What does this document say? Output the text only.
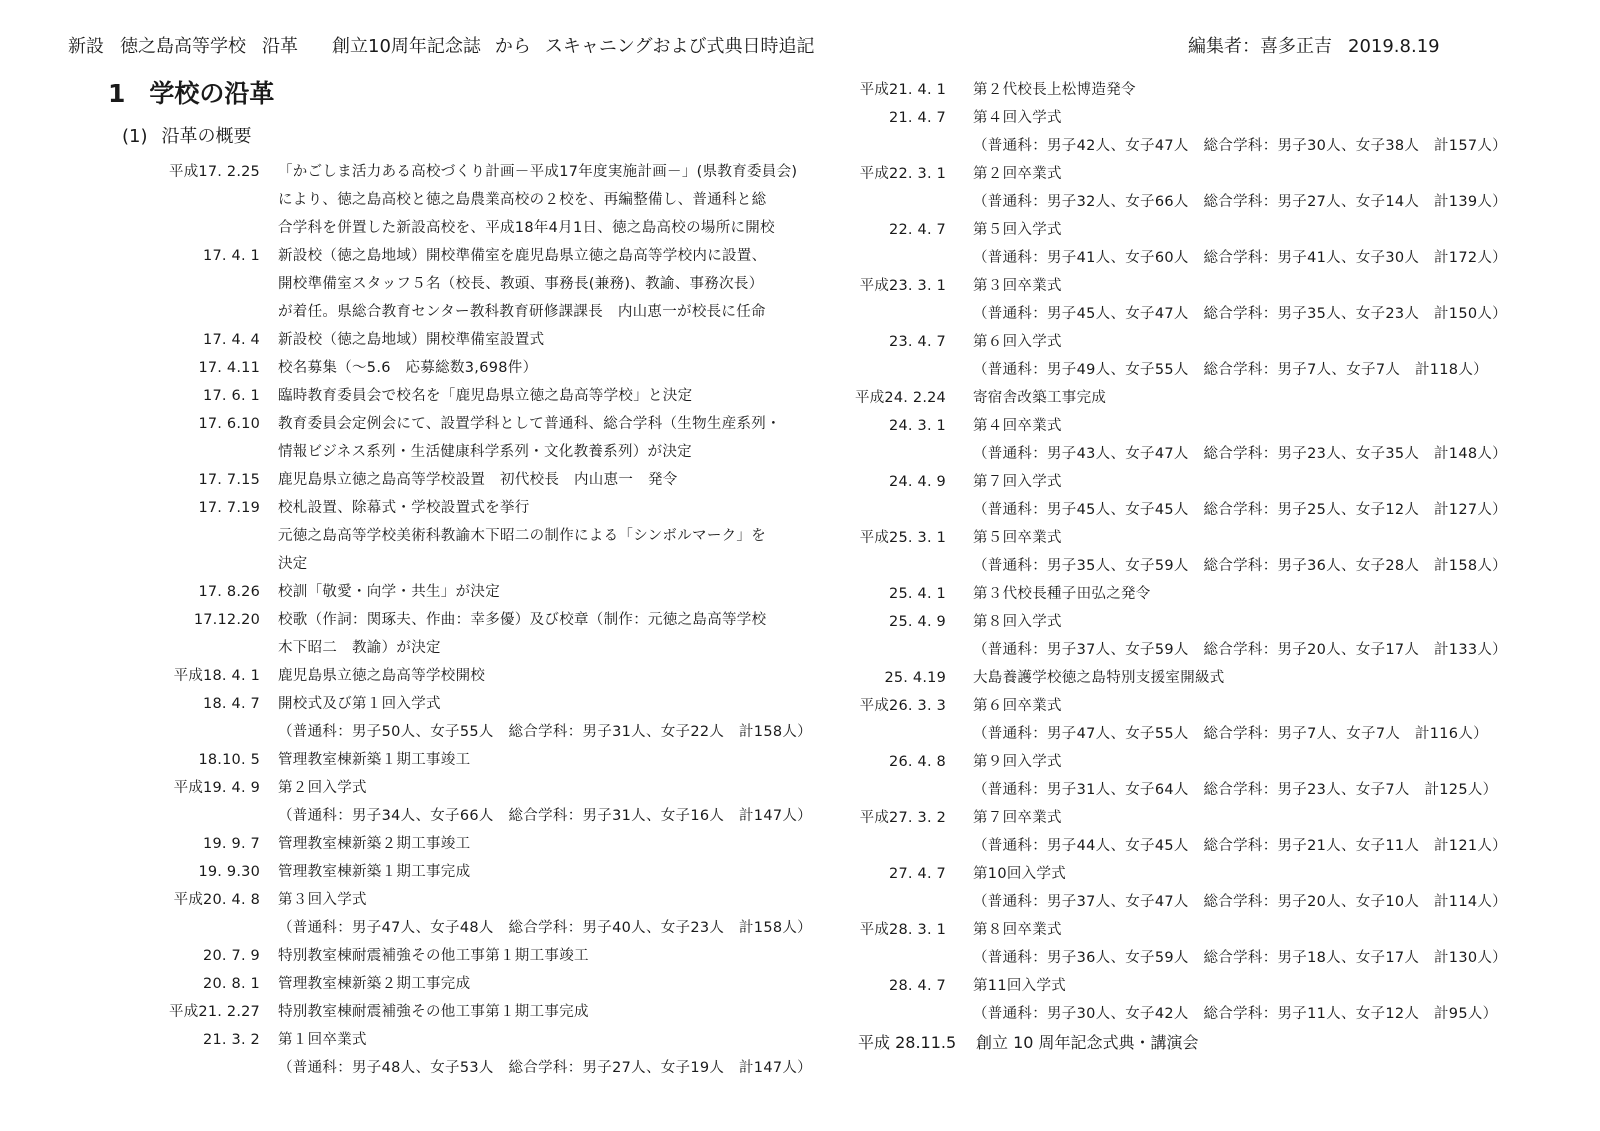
新設 徳之島高等学校 沿革 創立10周年記念誌 から スキャニングおよび式典日時追記	編集者：喜多正吉 2019.8.19
1 学校の沿革
(1) 沿革の概要
平成17. 2.25 「かごしま活力ある高校づくり計画－平成17年度実施計画－」(県教育委員会)
により、徳之島高校と徳之島農業高校の２校を、再編整備し、普通科と総
合学科を併置した新設高校を、平成18年4月1日、徳之島高校の場所に開校
17. 4. 1 新設校（徳之島地域）開校準備室を鹿児島県立徳之島高等学校内に設置、
開校準備室スタッフ５名（校長、教頭、事務長(兼務)、教諭、事務次長）
が着任。県総合教育センター教科教育研修課課長　内山恵一が校長に任命
17. 4. 4 新設校（徳之島地域）開校準備室設置式
17. 4.11 校名募集（～5.6　応募総数3,698件）
17. 6. 1 臨時教育委員会で校名を「鹿児島県立徳之島高等学校」と決定
17. 6.10 教育委員会定例会にて、設置学科として普通科、総合学科（生物生産系列・
情報ビジネス系列・生活健康科学系列・文化教養系列）が決定
17. 7.15 鹿児島県立徳之島高等学校設置　初代校長　内山恵一　発令
17. 7.19 校札設置、除幕式・学校設置式を挙行
元徳之島高等学校美術科教諭木下昭二の制作による「シンボルマーク」を
決定
17. 8.26 校訓「敬愛・向学・共生」が決定
17.12.20 校歌（作詞：関琢夫、作曲：幸多優）及び校章（制作：元徳之島高等学校
木下昭二　教諭）が決定
平成18. 4. 1 鹿児島県立徳之島高等学校開校
18. 4. 7 開校式及び第１回入学式
（普通科：男子50人、女子55人　総合学科：男子31人、女子22人　計158人）
18.10. 5 管理教室棟新築１期工事竣工
平成19. 4. 9 第２回入学式
（普通科：男子34人、女子66人　総合学科：男子31人、女子16人　計147人）
19. 9. 7 管理教室棟新築２期工事竣工
19. 9.30 管理教室棟新築１期工事完成
平成20. 4. 8 第３回入学式
（普通科：男子47人、女子48人　総合学科：男子40人、女子23人　計158人）
20. 7. 9 特別教室棟耐震補強その他工事第１期工事竣工
20. 8. 1 管理教室棟新築２期工事完成
平成21. 2.27 特別教室棟耐震補強その他工事第１期工事完成
21. 3. 2 第１回卒業式
（普通科：男子48人、女子53人　総合学科：男子27人、女子19人　計147人）
平成21. 4. 1 第２代校長上松博造発令
21. 4. 7 第４回入学式
（普通科：男子42人、女子47人　総合学科：男子30人、女子38人　計157人）
平成22. 3. 1 第２回卒業式
（普通科：男子32人、女子66人　総合学科：男子27人、女子14人　計139人）
22. 4. 7 第５回入学式
（普通科：男子41人、女子60人　総合学科：男子41人、女子30人　計172人）
平成23. 3. 1 第３回卒業式
（普通科：男子45人、女子47人　総合学科：男子35人、女子23人　計150人）
23. 4. 7 第６回入学式
（普通科：男子49人、女子55人　総合学科：男子7人、女子7人　計118人）
平成24. 2.24 寄宿舎改築工事完成
24. 3. 1 第４回卒業式
（普通科：男子43人、女子47人　総合学科：男子23人、女子35人　計148人）
24. 4. 9 第７回入学式
（普通科：男子45人、女子45人　総合学科：男子25人、女子12人　計127人）
平成25. 3. 1 第５回卒業式
（普通科：男子35人、女子59人　総合学科：男子36人、女子28人　計158人）
25. 4. 1 第３代校長種子田弘之発令
25. 4. 9 第８回入学式
（普通科：男子37人、女子59人　総合学科：男子20人、女子17人　計133人）
25. 4.19 大島養護学校徳之島特別支援室開級式
平成26. 3. 3 第６回卒業式
（普通科：男子47人、女子55人　総合学科：男子7人、女子7人　計116人）
26. 4. 8 第９回入学式
（普通科：男子31人、女子64人　総合学科：男子23人、女子7人　計125人）
平成27. 3. 2 第７回卒業式
（普通科：男子44人、女子45人　総合学科：男子21人、女子11人　計121人）
27. 4. 7 第10回入学式
（普通科：男子37人、女子47人　総合学科：男子20人、女子10人　計114人）
平成28. 3. 1 第８回卒業式
（普通科：男子36人、女子59人　総合学科：男子18人、女子17人　計130人）
28. 4. 7 第11回入学式
（普通科：男子30人、女子42人　総合学科：男子11人、女子12人　計95人）
平成 28.11.5 創立 10 周年記念式典・講演会
